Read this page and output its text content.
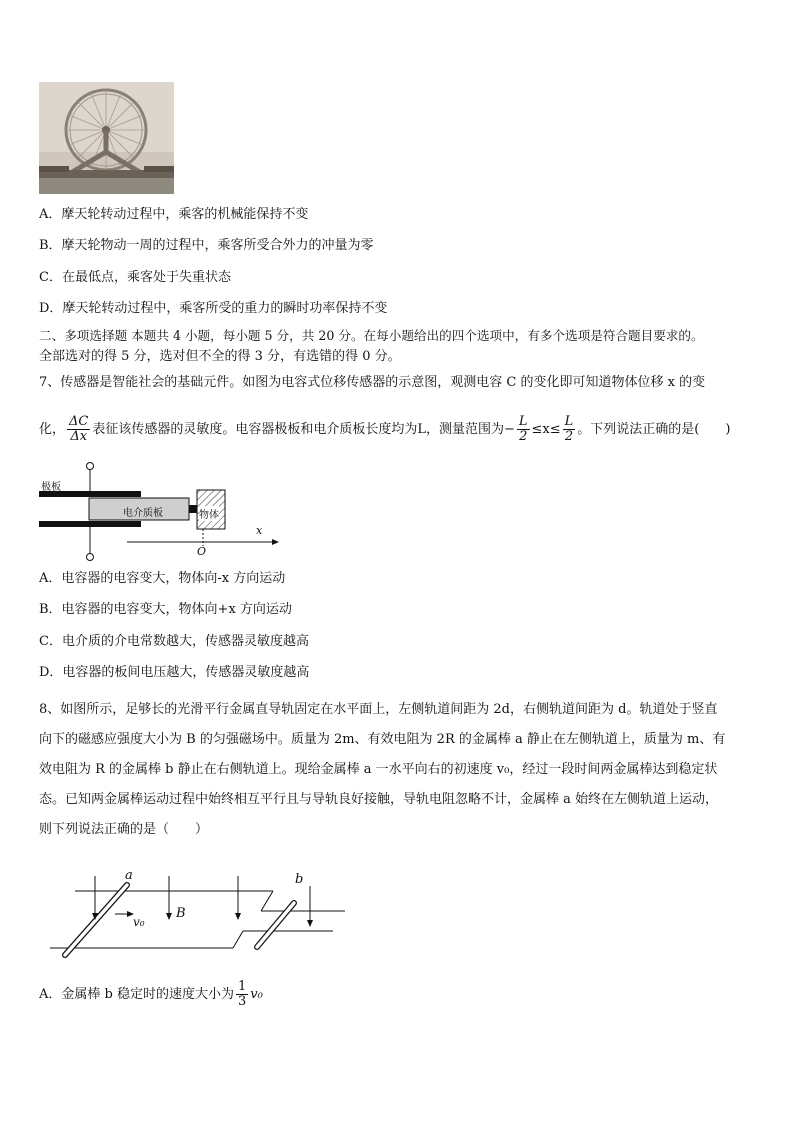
A．摩天轮转动过程中，乘客的机械能保持不变
B．摩天轮物动一周的过程中，乘客所受合外力的冲量为零
C．在最低点，乘客处于失重状态
D．摩天轮转动过程中，乘客所受的重力的瞬时功率保持不变
二、多项选择题 本题共 4 小题，每小题 5 分，共 20 分。在每小题给出的四个选项中，有多个选项是符合题目要求的。
全部选对的得 5 分，选对但不全的得 3 分，有选错的得 0 分。
7、传感器是智能社会的基础元件。如图为电容式位移传感器的示意图，观测电容 C 的变化即可知道物体位移 x 的变
化， $\frac{\Delta C}{\Delta x}$ 表征该传感器的灵敏度。电容器极板和电介质板长度均为L，测量范围为− $\frac{L}{2} \le x\le \frac{L}{2}$ 。下列说法正确的是(　　)
极板
电介质板	物体
x
O
A．电容器的电容变大，物体向-x 方向运动
B．电容器的电容变大，物体向+x 方向运动
C．电介质的介电常数越大，传感器灵敏度越高
D．电容器的板间电压越大，传感器灵敏度越高
8、如图所示，足够长的光滑平行金属直导轨固定在水平面上，左侧轨道间距为 2d，右侧轨道间距为 d。轨道处于竖直
向下的磁感应强度大小为 B 的匀强磁场中。质量为 2m、有效电阻为 2R 的金属棒 a 静止在左侧轨道上，质量为 m、有
效电阻为 R 的金属棒 b 静止在右侧轨道上。现给金属棒 a 一水平向右的初速度 v₀，经过一段时间两金属棒达到稳定状
态。已知两金属棒运动过程中始终相互平行且与导轨良好接触，导轨电阻忽略不计，金属棒 a 始终在左侧轨道上运动，
则下列说法正确的是（　　）
a	b
v₀
B
A．金属棒 b 稳定时的速度大小为 $\frac{1}{3} v_0$
